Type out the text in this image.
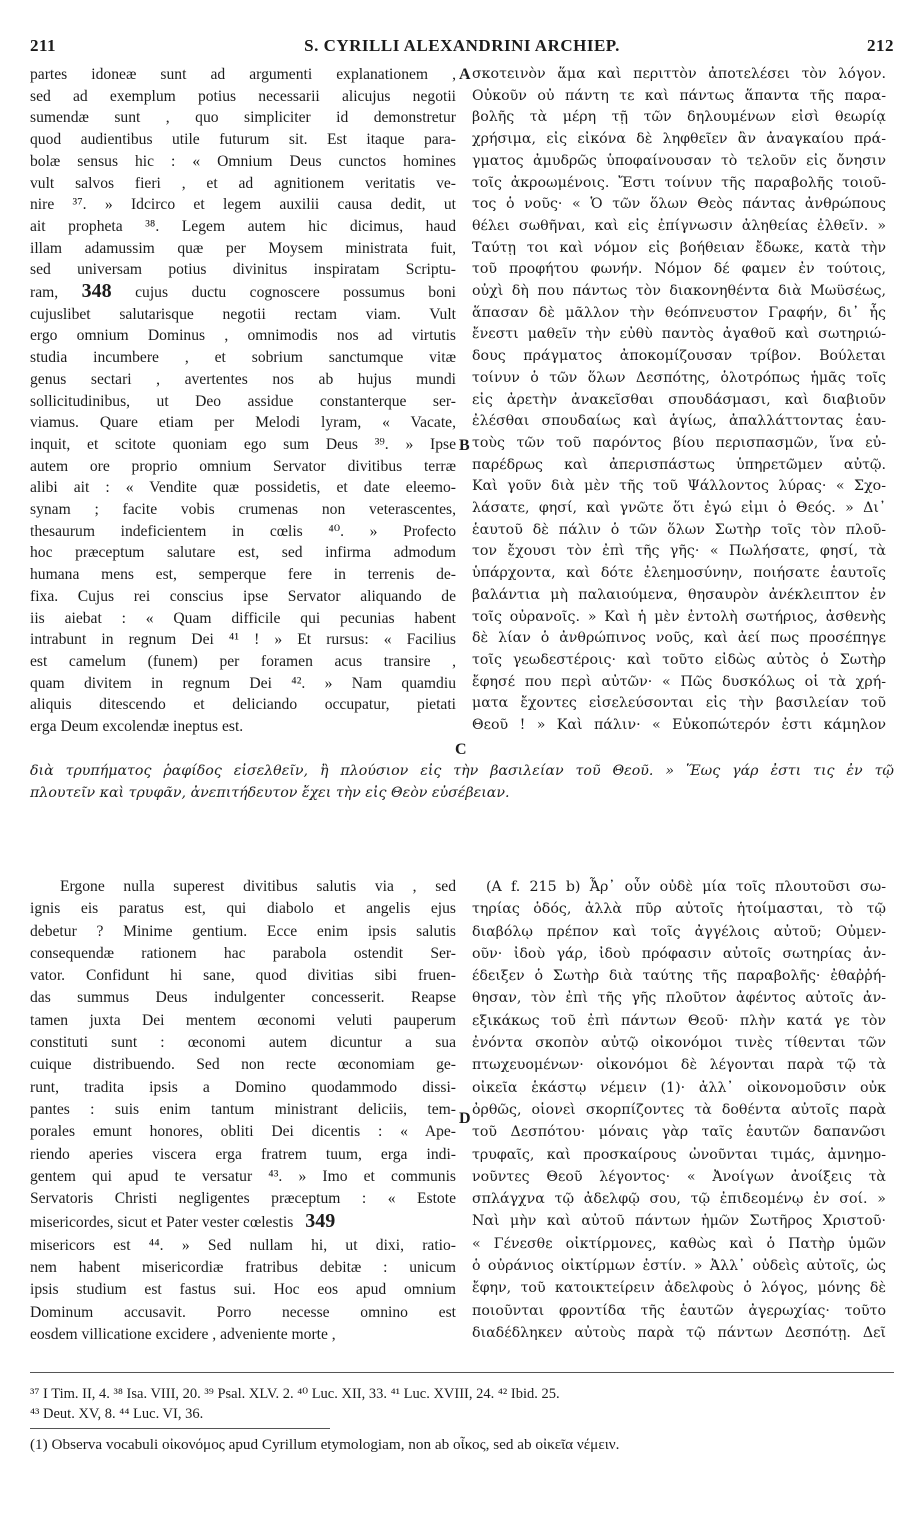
211	S. CYRILLI ALEXANDRINI ARCHIEP.	212
partes idoneæ sunt ad argumenti explanationem ,
sed ad exemplum potius necessarii alicujus negotii
sumendæ sunt , quo simpliciter id demonstretur
quod audientibus utile futurum sit. Est itaque para-
bolæ sensus hic : « Omnium Deus cunctos homines
vult salvos fieri , et ad agnitionem veritatis ve-
nire ³⁷. » Idcirco et legem auxilii causa dedit, ut
ait propheta ³⁸. Legem autem hic dicimus, haud
illam adamussim quæ per Moysem ministrata fuit,
sed universam potius divinitus inspiratam Scriptu-
ram, 348 cujus ductu cognoscere possumus boni
cujuslibet salutarisque negotii rectam viam. Vult
ergo omnium Dominus , omnimodis nos ad virtutis
studia incumbere , et sobrium sanctumque vitæ
genus sectari , avertentes nos ab hujus mundi
sollicitudinibus, ut Deo assidue constanterque ser-
viamus. Quare etiam per Melodi lyram, « Vacate,
inquit, et scitote quoniam ego sum Deus ³⁹. » Ipse
autem ore proprio omnium Servator divitibus terræ
alibi ait : « Vendite quæ possidetis, et date eleemo-
synam ; facite vobis crumenas non veterascentes,
thesaurum indeficientem in cœlis ⁴⁰. » Profecto
hoc præceptum salutare est, sed infirma admodum
humana mens est, semperque fere in terrenis de-
fixa. Cujus rei conscius ipse Servator aliquando de
iis aiebat : « Quam difficile qui pecunias habent
intrabunt in regnum Dei ⁴¹ ! » Et rursus: « Facilius
est camelum (funem) per foramen acus transire ,
quam divitem in regnum Dei ⁴². » Nam quamdiu
aliquis ditescendo et deliciando occupatur, pietati
erga Deum excolendæ ineptus est.
σκοτεινὸν ἅμα καὶ περιττὸν ἀποτελέσει τὸν λόγον.
Οὐκοῦν οὐ πάντη τε καὶ πάντως ἅπαντα τῆς παρα-
βολῆς τὰ μέρη τῇ τῶν δηλουμένων εἰσὶ θεωρίᾳ
χρήσιμα, εἰς εἰκόνα δὲ ληφθεῖεν ἂν ἀναγκαίου πρά-
γματος ἀμυδρῶς ὑποφαίνουσαν τὸ τελοῦν εἰς ὄνησιν
τοῖς ἀκροωμένοις. Ἔστι τοίνυν τῆς παραβολῆς τοιοῦ-
τος ὁ νοῦς· « Ὁ τῶν ὅλων Θεὸς πάντας ἀνθρώπους
θέλει σωθῆναι, καὶ εἰς ἐπίγνωσιν ἀληθείας ἐλθεῖν. »
Ταύτῃ τοι καὶ νόμον εἰς βοήθειαν ἔδωκε, κατὰ τὴν
τοῦ προφήτου φωνήν. Νόμον δέ φαμεν ἐν τούτοις,
οὐχὶ δὴ που πάντως τὸν διακονηθέντα διὰ Μωϋσέως,
ἅπασαν δὲ μᾶλλον τὴν θεόπνευστον Γραφήν, δι᾽ ἧς
ἔνεστι μαθεῖν τὴν εὐθὺ παντὸς ἀγαθοῦ καὶ σωτηριώ-
δους πράγματος ἀποκομίζουσαν τρίβον. Βούλεται
τοίνυν ὁ τῶν ὅλων Δεσπότης, ὁλοτρόπως ἡμᾶς τοῖς
εἰς ἀρετὴν ἀνακεῖσθαι σπουδάσμασι, καὶ διαβιοῦν
ἐλέσθαι σπουδαίως καὶ ἁγίως, ἀπαλλάττοντας ἑαυ-
τοὺς τῶν τοῦ παρόντος βίου περισπασμῶν, ἵνα εὐ-
παρέδρως καὶ ἀπερισπάστως ὑπηρετῶμεν αὐτῷ.
Καὶ γοῦν διὰ μὲν τῆς τοῦ Ψάλλοντος λύρας· « Σχο-
λάσατε, φησί, καὶ γνῶτε ὅτι ἐγώ εἰμι ὁ Θεός. » Δι᾽
ἑαυτοῦ δὲ πάλιν ὁ τῶν ὅλων Σωτὴρ τοῖς τὸν πλοῦ-
τον ἔχουσι τὸν ἐπὶ τῆς γῆς· « Πωλήσατε, φησί, τὰ
ὑπάρχοντα, καὶ δότε ἐλεημοσύνην, ποιήσατε ἑαυτοῖς
βαλάντια μὴ παλαιούμενα, θησαυρὸν ἀνέκλειπτον ἐν
τοῖς οὐρανοῖς. » Καὶ ἡ μὲν ἐντολὴ σωτήριος, ἀσθενὴς
δὲ λίαν ὁ ἀνθρώπινος νοῦς, καὶ ἀεί πως προσέπηγε
τοῖς γεωδεστέροις· καὶ τοῦτο εἰδὼς αὐτὸς ὁ Σωτὴρ
ἔφησέ που περὶ αὐτῶν· « Πῶς δυσκόλως οἱ τὰ χρή-
ματα ἔχοντες εἰσελεύσονται εἰς τὴν βασιλείαν τοῦ
Θεοῦ ! » Καὶ πάλιν· « Εὐκοπώτερόν ἐστι κάμηλον
A
B
C
D
διὰ τρυπήματος ῥαφίδος εἰσελθεῖν, ἢ πλούσιον εἰς τὴν βασιλείαν τοῦ Θεοῦ. » Ἕως γάρ ἐστι τις ἐν τῷ
πλουτεῖν καὶ τρυφᾶν, ἀνεπιτήδευτον ἔχει τὴν εἰς Θεὸν εὐσέβειαν.
Ergone nulla superest divitibus salutis via , sed
ignis eis paratus est, qui diabolo et angelis ejus
debetur ? Minime gentium. Ecce enim ipsis salutis
consequendæ rationem hac parabola ostendit Ser-
vator. Confidunt hi sane, quod divitias sibi fruen-
das summus Deus indulgenter concesserit. Reapse
tamen juxta Dei mentem œconomi veluti pauperum
constituti sunt : œconomi autem dicuntur a sua
cuique distribuendo. Sed non recte œconomiam ge-
runt, tradita ipsis a Domino quodammodo dissi-
pantes : suis enim tantum ministrant deliciis, tem-
porales emunt honores, obliti Dei dicentis : « Ape-
riendo aperies viscera erga fratrem tuum, erga indi-
gentem qui apud te versatur ⁴³. » Imo et communis
Servatoris Christi negligentes præceptum : « Estote
misericordes, sicut et Pater vester cœlestis 349
misericors est ⁴⁴. » Sed nullam hi, ut dixi, ratio-
nem habent misericordiæ fratribus debitæ : unicum
ipsis studium est fastus sui. Hoc eos apud omnium
Dominum accusavit. Porro necesse omnino est
eosdem villicatione excidere , adveniente morte ,
(A f. 215 b) Ἆρ᾽ οὖν οὐδὲ μία τοῖς πλουτοῦσι σω-
τηρίας ὁδός, ἀλλὰ πῦρ αὐτοῖς ἡτοίμασται, τὸ τῷ
διαβόλῳ πρέπον καὶ τοῖς ἀγγέλοις αὐτοῦ; Οὐμεν-
οῦν· ἰδοὺ γάρ, ἰδοὺ πρόφασιν αὐτοῖς σωτηρίας ἀν-
έδειξεν ὁ Σωτὴρ διὰ ταύτης τῆς παραβολῆς· ἐθαῤῥή-
θησαν, τὸν ἐπὶ τῆς γῆς πλοῦτον ἀφέντος αὐτοῖς ἀν-
εξικάκως τοῦ ἐπὶ πάντων Θεοῦ· πλὴν κατά γε τὸν
ἐνόντα σκοπὸν αὐτῷ οἰκονόμοι τινὲς τίθενται τῶν
πτωχευομένων· οἰκονόμοι δὲ λέγονται παρὰ τῷ τὰ
οἰκεῖα ἑκάστῳ νέμειν (1)· ἀλλ᾽ οἰκονομοῦσιν οὐκ
ὀρθῶς, οἱονεὶ σκορπίζοντες τὰ δοθέντα αὐτοῖς παρὰ
τοῦ Δεσπότου· μόναις γὰρ ταῖς ἑαυτῶν δαπανῶσι
τρυφαῖς, καὶ προσκαίρους ὠνοῦνται τιμάς, ἀμνημο-
νοῦντες Θεοῦ λέγοντος· « Ἀνοίγων ἀνοίξεις τὰ
σπλάγχνα τῷ ἀδελφῷ σου, τῷ ἐπιδεομένῳ ἐν σοί. »
Ναὶ μὴν καὶ αὐτοῦ πάντων ἡμῶν Σωτῆρος Χριστοῦ·
« Γένεσθε οἰκτίρμονες, καθὼς καὶ ὁ Πατὴρ ὑμῶν
ὁ οὐράνιος οἰκτίρμων ἐστίν. » Ἀλλ᾽ οὐδεὶς αὐτοῖς, ὡς
ἔφην, τοῦ κατοικτείρειν ἀδελφοὺς ὁ λόγος, μόνης δὲ
ποιοῦνται φροντίδα τῆς ἑαυτῶν ἀγερωχίας· τοῦτο
διαδέδληκεν αὐτοὺς παρὰ τῷ πάντων Δεσπότῃ. Δεῖ
³⁷ I Tim. II, 4. ³⁸ Isa. VIII, 20. ³⁹ Psal. XLV. 2. ⁴⁰ Luc. XII, 33. ⁴¹ Luc. XVIII, 24. ⁴² Ibid. 25.
⁴³ Deut. XV, 8. ⁴⁴ Luc. VI, 36.
(1) Observa vocabuli οἰκονόμος apud Cyrillum etymologiam, non ab οἶκος, sed ab οἰκεῖα νέμειν.
